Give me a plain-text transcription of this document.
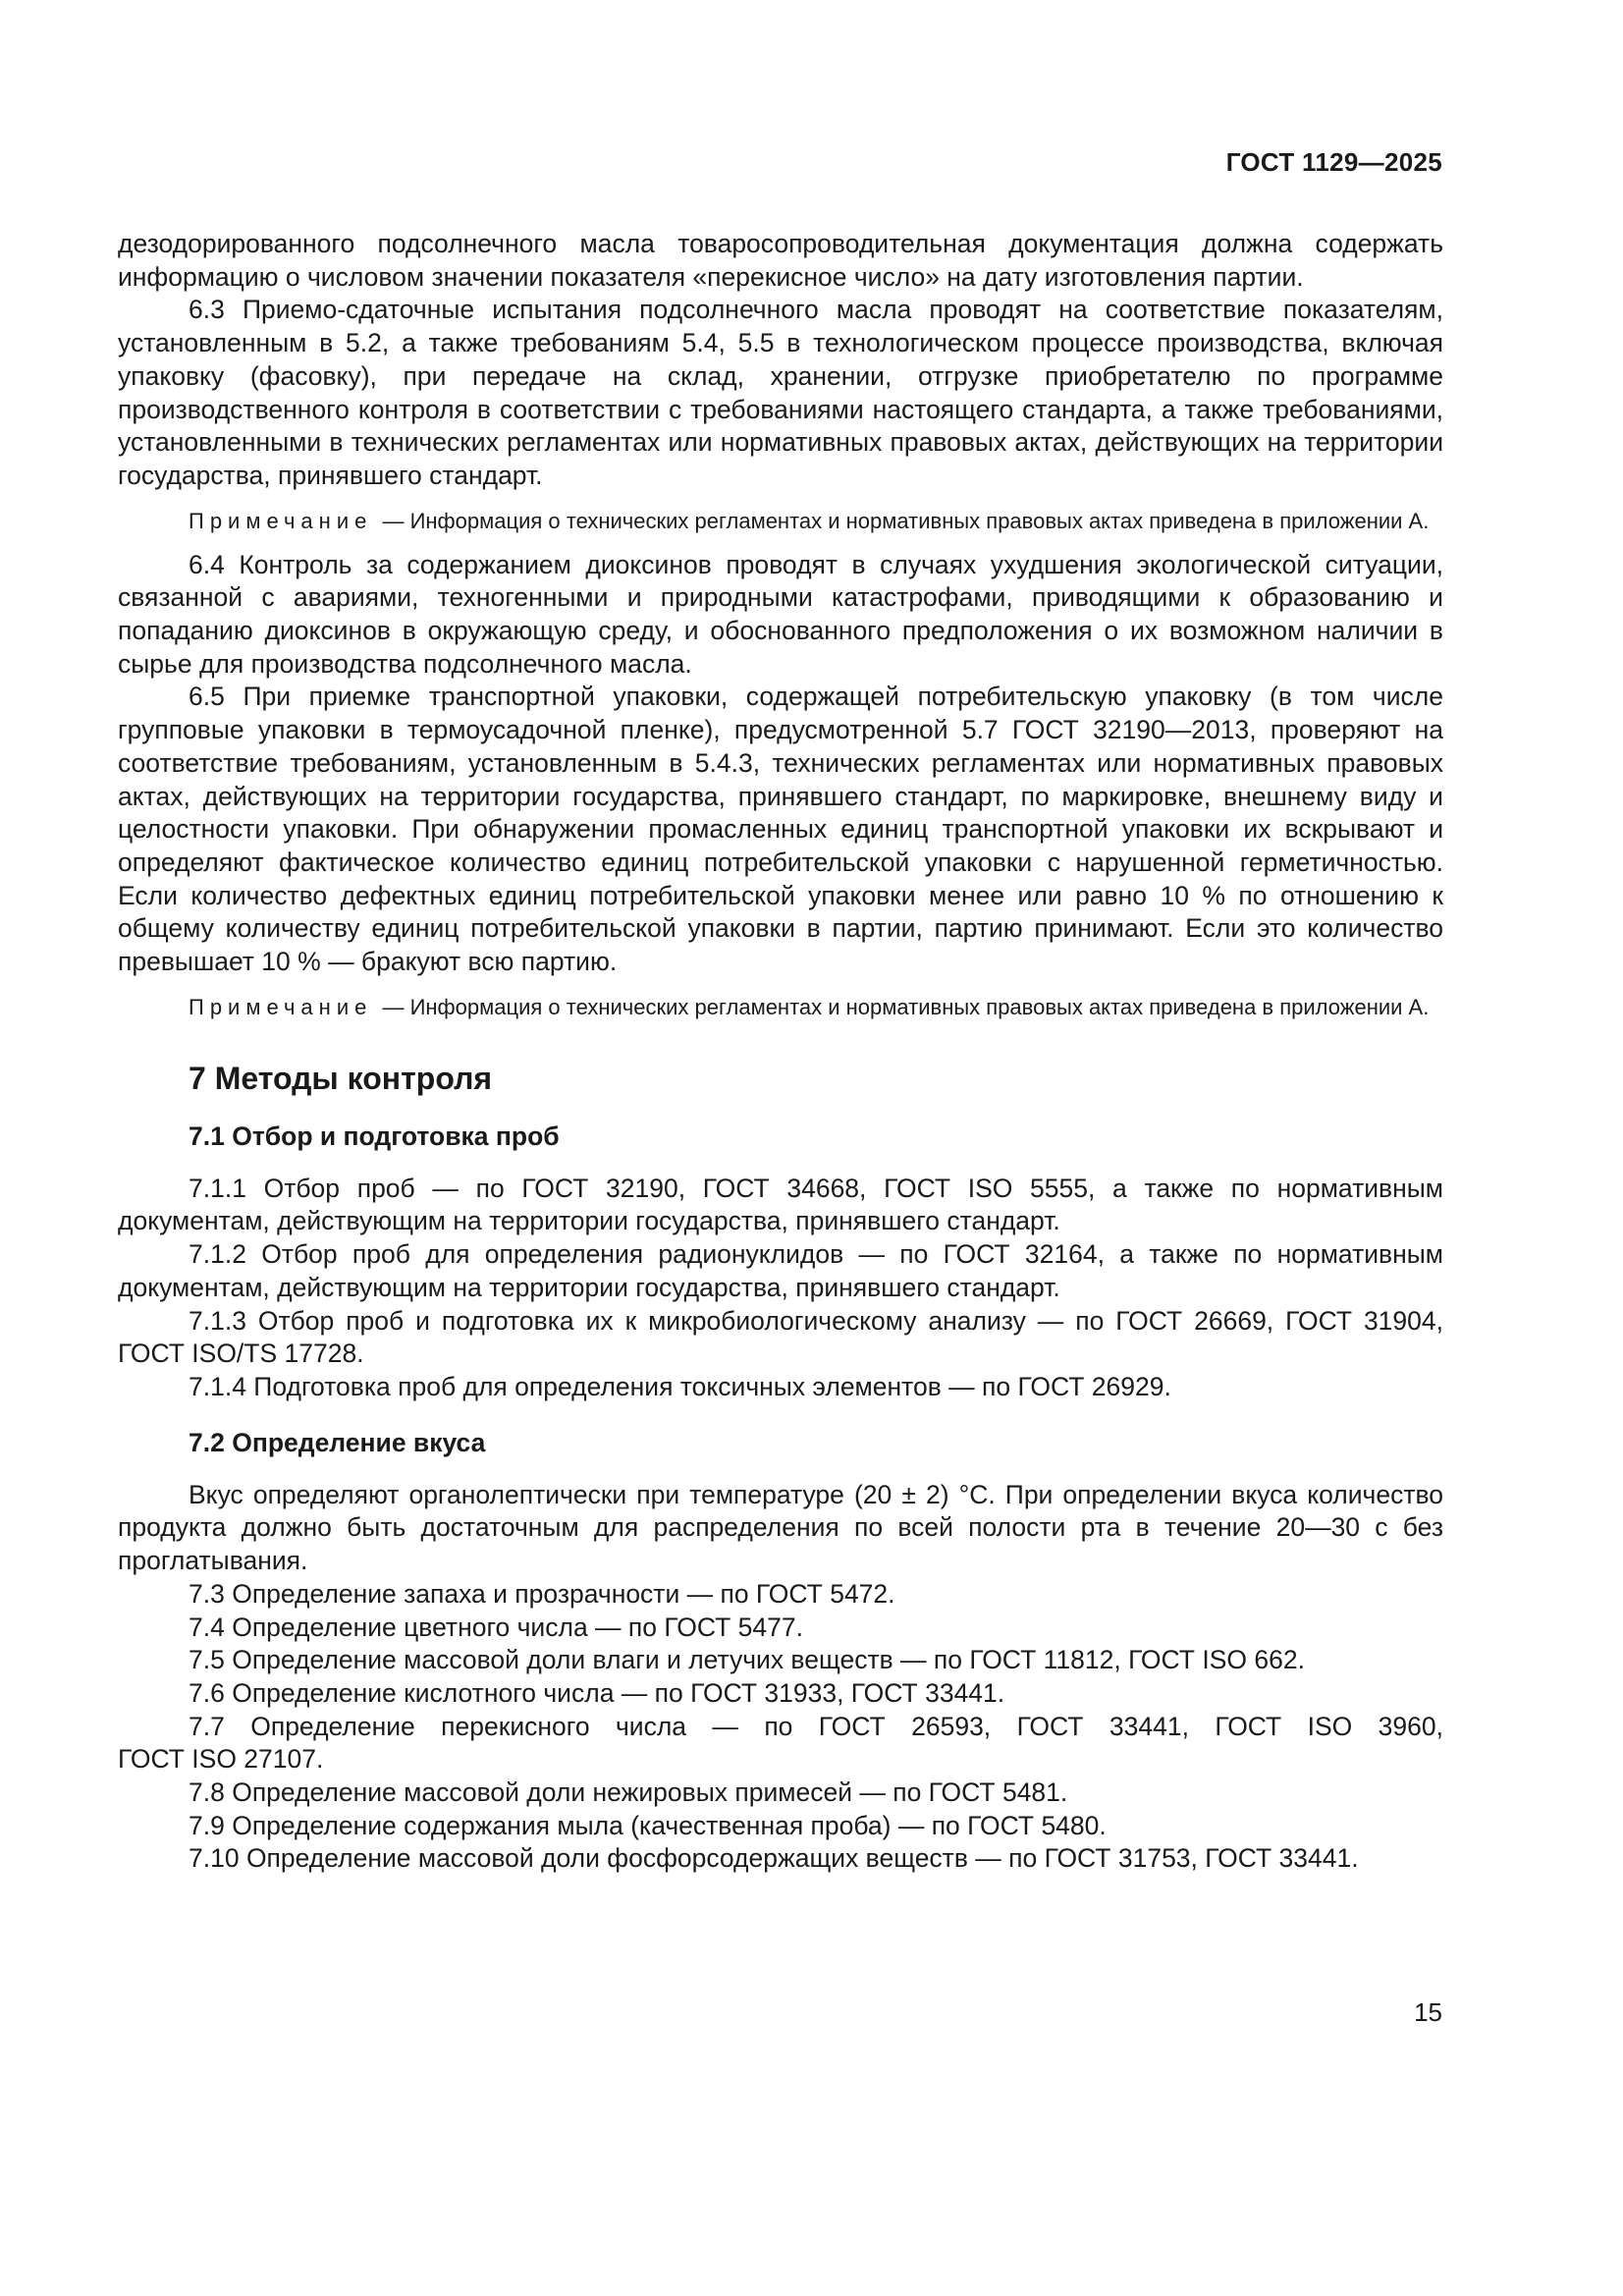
ГОСТ 1129—2025

дезодорированного подсолнечного масла товаросопроводительная документация должна содержать информацию о числовом значении показателя «перекисное число» на дату изготовления партии.

6.3 Приемо-сдаточные испытания подсолнечного масла проводят на соответствие показателям, установленным в 5.2, а также требованиям 5.4, 5.5 в технологическом процессе производства, включая упаковку (фасовку), при передаче на склад, хранении, отгрузке приобретателю по программе производственного контроля в соответствии с требованиями настоящего стандарта, а также требованиями, установленными в технических регламентах или нормативных правовых актах, действующих на территории государства, принявшего стандарт.

Примечание — Информация о технических регламентах и нормативных правовых актах приведена в приложении А.

6.4 Контроль за содержанием диоксинов проводят в случаях ухудшения экологической ситуации, связанной с авариями, техногенными и природными катастрофами, приводящими к образованию и попаданию диоксинов в окружающую среду, и обоснованного предположения о их возможном наличии в сырье для производства подсолнечного масла.

6.5 При приемке транспортной упаковки, содержащей потребительскую упаковку (в том числе групповые упаковки в термоусадочной пленке), предусмотренной 5.7 ГОСТ 32190—2013, проверяют на соответствие требованиям, установленным в 5.4.3, технических регламентах или нормативных правовых актах, действующих на территории государства, принявшего стандарт, по маркировке, внешнему виду и целостности упаковки. При обнаружении промасленных единиц транспортной упаковки их вскрывают и определяют фактическое количество единиц потребительской упаковки с нарушенной герметичностью. Если количество дефектных единиц потребительской упаковки менее или равно 10 % по отношению к общему количеству единиц потребительской упаковки в партии, партию принимают. Если это количество превышает 10 % — бракуют всю партию.

Примечание — Информация о технических регламентах и нормативных правовых актах приведена в приложении А.

7 Методы контроля
7.1 Отбор и подготовка проб

7.1.1 Отбор проб — по ГОСТ 32190, ГОСТ 34668, ГОСТ ISO 5555, а также по нормативным документам, действующим на территории государства, принявшего стандарт.

7.1.2 Отбор проб для определения радионуклидов — по ГОСТ 32164, а также по нормативным документам, действующим на территории государства, принявшего стандарт.

7.1.3 Отбор проб и подготовка их к микробиологическому анализу — по ГОСТ 26669, ГОСТ 31904, ГОСТ ISO/TS 17728.

7.1.4 Подготовка проб для определения токсичных элементов — по ГОСТ 26929.

7.2 Определение вкуса

Вкус определяют органолептически при температуре (20 ± 2) °С. При определении вкуса количество продукта должно быть достаточным для распределения по всей полости рта в течение 20—30 с без проглатывания.

7.3 Определение запаха и прозрачности — по ГОСТ 5472.

7.4 Определение цветного числа — по ГОСТ 5477.

7.5 Определение массовой доли влаги и летучих веществ — по ГОСТ 11812, ГОСТ ISO 662.

7.6 Определение кислотного числа — по ГОСТ 31933, ГОСТ 33441.

7.7 Определение перекисного числа — по ГОСТ 26593, ГОСТ 33441, ГОСТ ISO 3960,

ГОСТ ISO 27107.

7.8 Определение массовой доли нежировых примесей — по ГОСТ 5481.

7.9 Определение содержания мыла (качественная проба) — по ГОСТ 5480.

7.10 Определение массовой доли фосфорсодержащих веществ — по ГОСТ 31753, ГОСТ 33441.

15
